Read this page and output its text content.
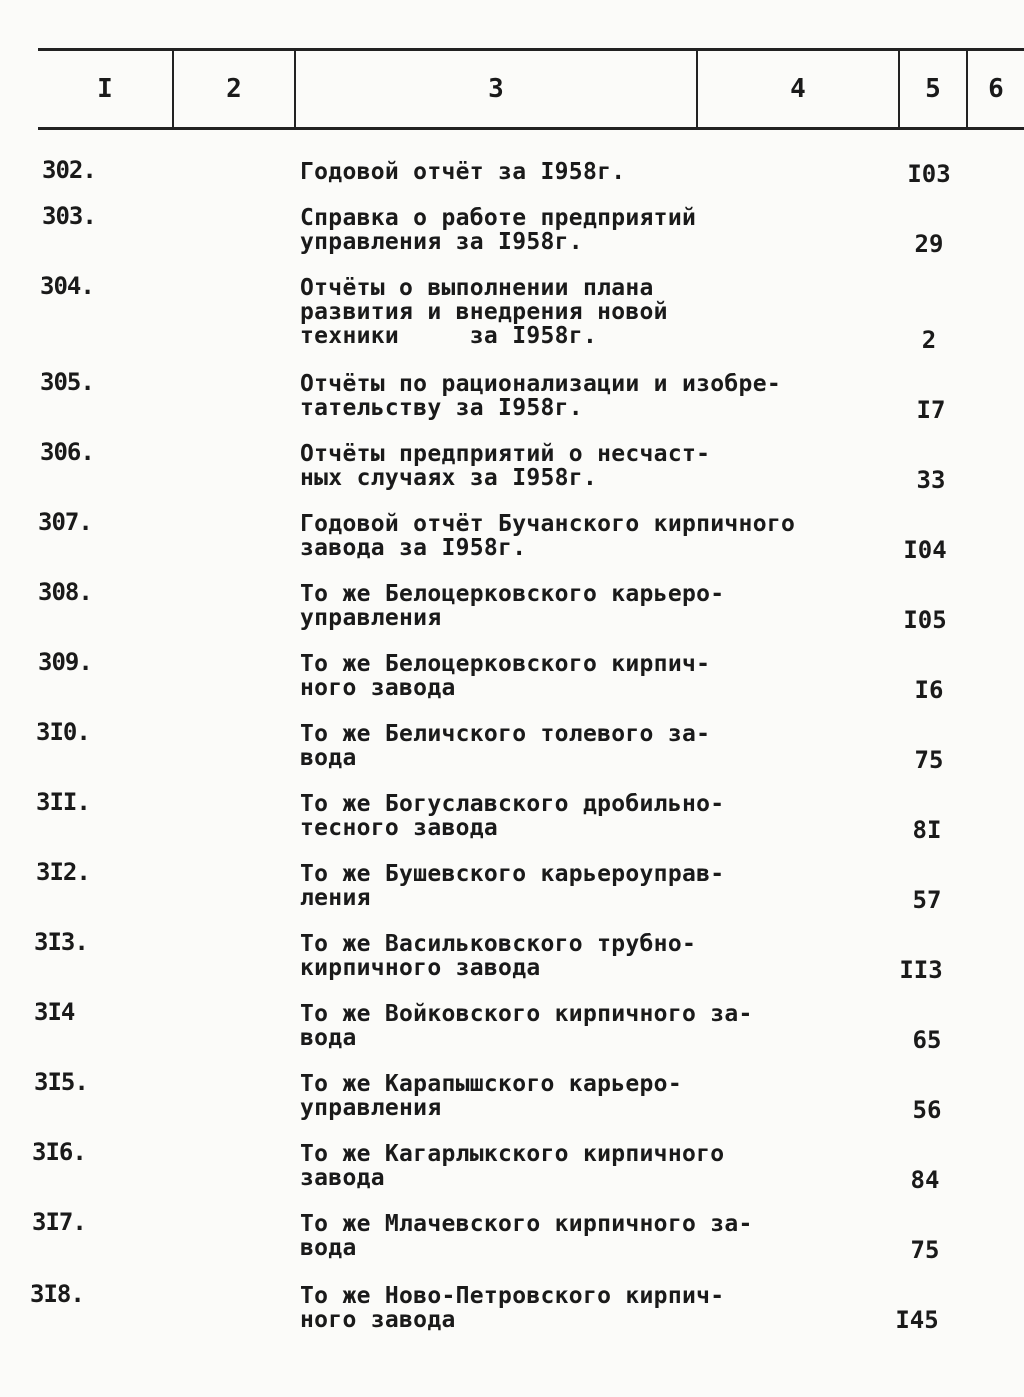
I	2	3	4	5	6
302.	Годовой отчёт за I958г.	I03
303.	Справка о работе предприятий
управления за I958г.	29
304.	Отчёты о выполнении плана
развития и внедрения новой
техники     за I958г.	2
305.	Отчёты по рационализации и изобре-
тательству за I958г.	I7
306.	Отчёты предприятий о несчаст-
ных случаях за I958г.	33
307.	Годовой отчёт Бучанского кирпичного
завода за I958г.	I04
308.	То же Белоцерковского карьеро-
управления	I05
309.	То же Белоцерковского кирпич-
ного завода	I6
3I0.	То же Беличского толевого за-
вода	75
3II.	То же Богуславского дробильно-
тесного завода	8I
3I2.	То же Бушевского карьероуправ-
ления	57
3I3.	То же Васильковского трубно-
кирпичного завода	II3
3I4	То же Войковского кирпичного за-
вода	65
3I5.	То же Карапышского карьеро-
управления	56
3I6.	То же Кагарлыкского кирпичного
завода	84
3I7.	То же Млачевского кирпичного за-
вода	75
3I8.	То же Ново-Петровского кирпич-
ного завода	I45
